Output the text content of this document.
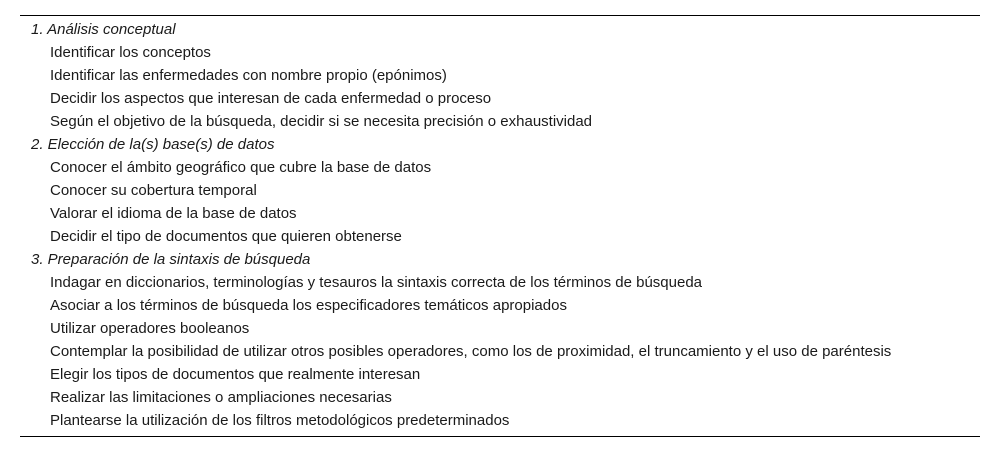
1. Análisis conceptual
Identificar los conceptos
Identificar las enfermedades con nombre propio (epónimos)
Decidir los aspectos que interesan de cada enfermedad o proceso
Según el objetivo de la búsqueda, decidir si se necesita precisión o exhaustividad
2. Elección de la(s) base(s) de datos
Conocer el ámbito geográfico que cubre la base de datos
Conocer su cobertura temporal
Valorar el idioma de la base de datos
Decidir el tipo de documentos que quieren obtenerse
3. Preparación de la sintaxis de búsqueda
Indagar en diccionarios, terminologías y tesauros la sintaxis correcta de los términos de búsqueda
Asociar a los términos de búsqueda los especificadores temáticos apropiados
Utilizar operadores booleanos
Contemplar la posibilidad de utilizar otros posibles operadores, como los de proximidad, el truncamiento y el uso de paréntesis
Elegir los tipos de documentos que realmente interesan
Realizar las limitaciones o ampliaciones necesarias
Plantearse la utilización de los filtros metodológicos predeterminados
